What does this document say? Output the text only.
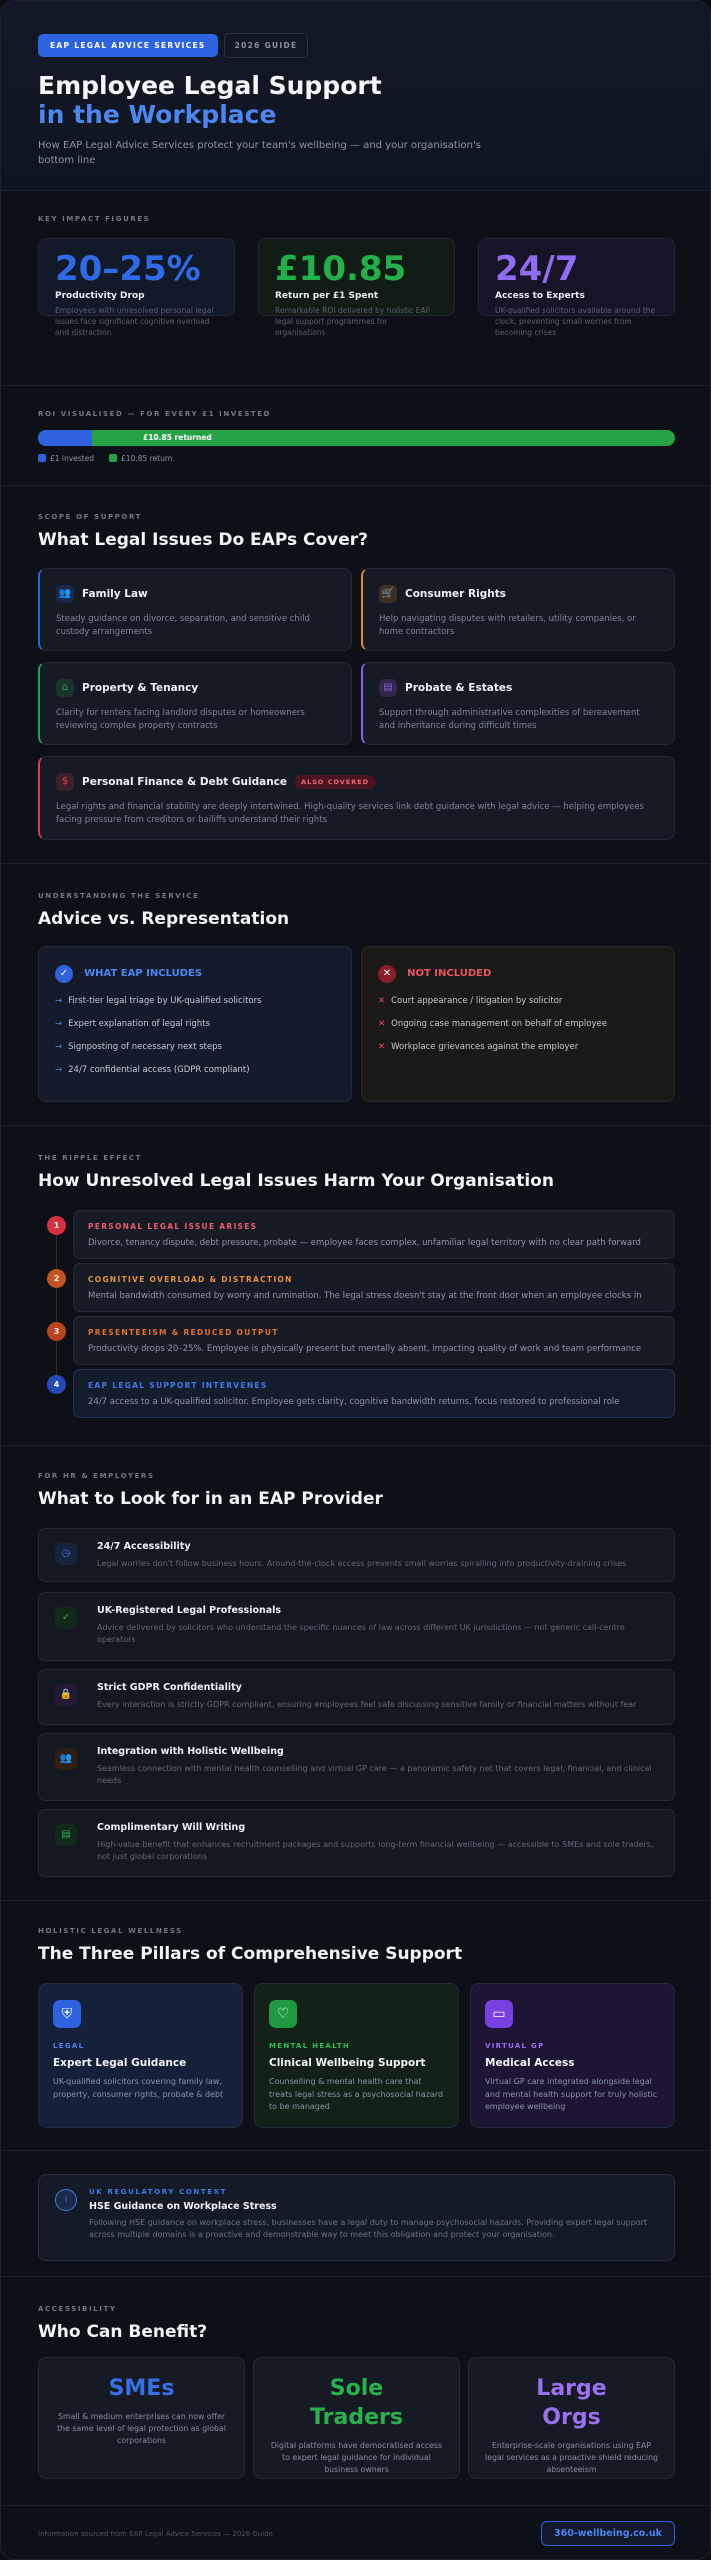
EAP LEGAL ADVICE SERVICES	2026 GUIDE
Employee Legal Support
in the Workplace
How EAP Legal Advice Services protect your team's wellbeing — and your organisation's bottom line
KEY IMPACT FIGURES
ROI VISUALISED — FOR EVERY £1 INVESTED
£10.85 returned
£1 invested	£10.85 return
SCOPE OF SUPPORT
What Legal Issues Do EAPs Cover?
UNDERSTANDING THE SERVICE
Advice vs. Representation
✓ WHAT EAP INCLUDES
→ First-tier legal triage by UK-qualified solicitors
→ Expert explanation of legal rights
→ Signposting of necessary next steps
→ 24/7 confidential access (GDPR compliant)
✕ NOT INCLUDED
✕ Court appearance / litigation by solicitor
✕ Ongoing case management on behalf of employee
✕ Workplace grievances against the employer
THE RIPPLE EFFECT
How Unresolved Legal Issues Harm Your Organisation
FOR HR & EMPLOYERS
What to Look for in an EAP Provider
HOLISTIC LEGAL WELLNESS
The Three Pillars of Comprehensive Support
i
UK REGULATORY CONTEXT
HSE Guidance on Workplace Stress
Following HSE guidance on workplace stress, businesses have a legal duty to manage psychosocial hazards. Providing expert legal support across multiple domains is a proactive and demonstrable way to meet this obligation and protect your organisation.
ACCESSIBILITY
Who Can Benefit?
Information sourced from EAP Legal Advice Services — 2026 Guide	360-wellbeing.co.uk
20–25%
Productivity Drop
Employees with unresolved personal legal issues face significant cognitive overload and distraction
£10.85
Return per £1 Spent
Remarkable ROI delivered by holistic EAP legal support programmes for organisations
24/7
Access to Experts
UK-qualified solicitors available around the clock, preventing small worries from becoming crises
👥 Family Law
Steady guidance on divorce, separation, and sensitive child custody arrangements
🛒 Consumer Rights
Help navigating disputes with retailers, utility companies, or home contractors
⌂ Property & Tenancy
Clarity for renters facing landlord disputes or homeowners reviewing complex property contracts
▤ Probate & Estates
Support through administrative complexities of bereavement and inheritance during difficult times
$ Personal Finance & Debt Guidance ALSO COVERED
Legal rights and financial stability are deeply intertwined. High-quality services link debt guidance with legal advice — helping employees facing pressure from creditors or bailiffs understand their rights
1	PERSONAL LEGAL ISSUE ARISES
Divorce, tenancy dispute, debt pressure, probate — employee faces complex, unfamiliar legal territory with no clear path forward
2	COGNITIVE OVERLOAD & DISTRACTION
Mental bandwidth consumed by worry and rumination. The legal stress doesn't stay at the front door when an employee clocks in
3	PRESENTEEISM & REDUCED OUTPUT
Productivity drops 20–25%. Employee is physically present but mentally absent, impacting quality of work and team performance
4	EAP LEGAL SUPPORT INTERVENES
24/7 access to a UK-qualified solicitor. Employee gets clarity, cognitive bandwidth returns, focus restored to professional role
◷
24/7 Accessibility
Legal worries don't follow business hours. Around-the-clock access prevents small worries spiralling into productivity-draining crises
✓
UK-Registered Legal Professionals
Advice delivered by solicitors who understand the specific nuances of law across different UK jurisdictions — not generic call-centre operators
🔒
Strict GDPR Confidentiality
Every interaction is strictly GDPR compliant, ensuring employees feel safe discussing sensitive family or financial matters without fear
👥
Integration with Holistic Wellbeing
Seamless connection with mental health counselling and virtual GP care — a panoramic safety net that covers legal, financial, and clinical needs
▤
Complimentary Will Writing
High-value benefit that enhances recruitment packages and supports long-term financial wellbeing — accessible to SMEs and sole traders, not just global corporations
⛨
LEGAL
Expert Legal Guidance
UK-qualified solicitors covering family law, property, consumer rights, probate & debt
♡
MENTAL HEALTH
Clinical Wellbeing Support
Counselling & mental health care that treats legal stress as a psychosocial hazard to be managed
▭
VIRTUAL GP
Medical Access
Virtual GP care integrated alongside legal and mental health support for truly holistic employee wellbeing
SMEs
Small & medium enterprises can now offer the same level of legal protection as global corporations
Sole Traders
Digital platforms have democratised access to expert legal guidance for individual business owners
Large Orgs
Enterprise-scale organisations using EAP legal services as a proactive shield reducing absenteeism
